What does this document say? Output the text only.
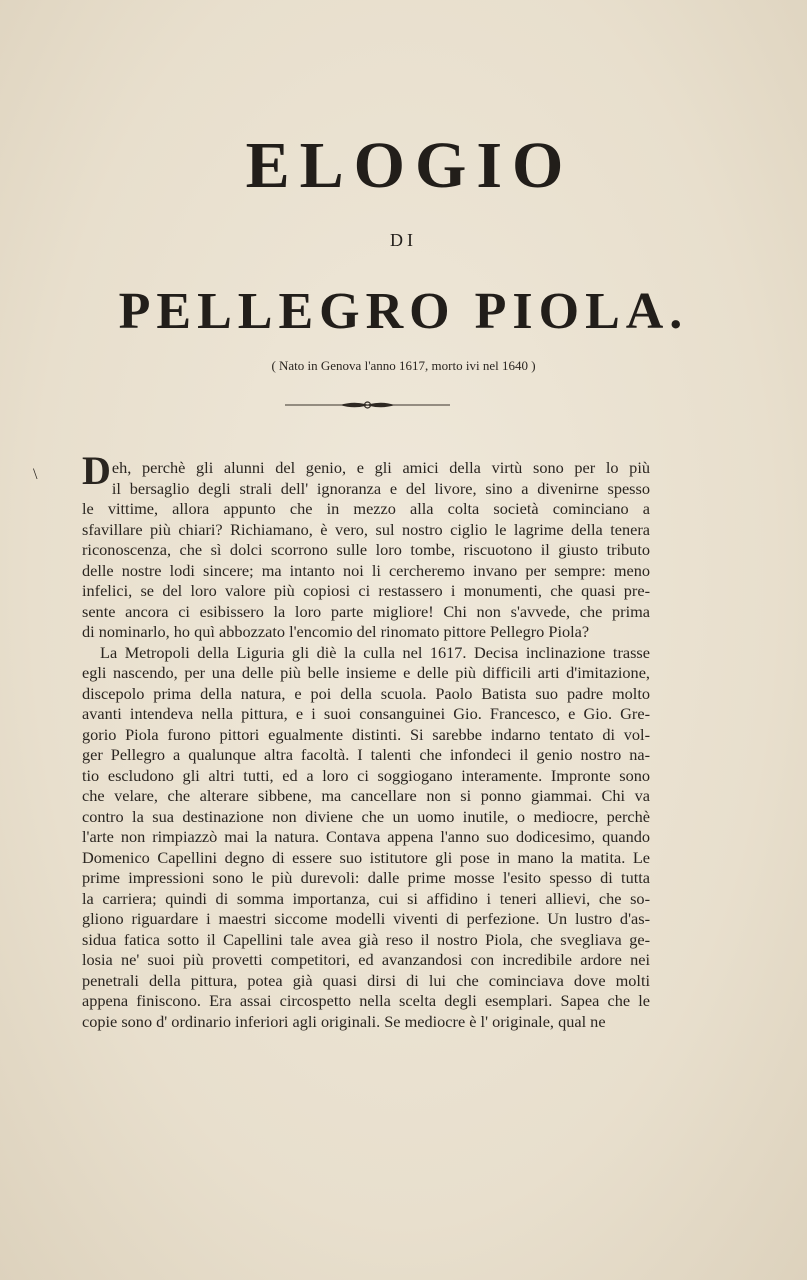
ELOGIO
DI
PELLEGRO PIOLA.
( Nato in Genova l'anno 1617, morto ivi nel 1640 )
\ D eh, perchè gli alunni del genio, e gli amici della virtù sono per lo più
il bersaglio degli strali dell' ignoranza e del livore, sino a divenirne spesso
le vittime, allora appunto che in mezzo alla colta società cominciano a
sfavillare più chiari? Richiamano, è vero, sul nostro ciglio le lagrime della tenera
riconoscenza, che sì dolci scorrono sulle loro tombe, riscuotono il giusto tributo
delle nostre lodi sincere; ma intanto noi li cercheremo invano per sempre: meno
infelici, se del loro valore più copiosi ci restassero i monumenti, che quasi pre-
sente ancora ci esibissero la loro parte migliore! Chi non s'avvede, che prima
di nominarlo, ho quì abbozzato l'encomio del rinomato pittore Pellegro Piola?
La Metropoli della Liguria gli diè la culla nel 1617. Decisa inclinazione trasse
egli nascendo, per una delle più belle insieme e delle più difficili arti d'imitazione,
discepolo prima della natura, e poi della scuola. Paolo Batista suo padre molto
avanti intendeva nella pittura, e i suoi consanguinei Gio. Francesco, e Gio. Gre-
gorio Piola furono pittori egualmente distinti. Si sarebbe indarno tentato di vol-
ger Pellegro a qualunque altra facoltà. I talenti che infondeci il genio nostro na-
tio escludono gli altri tutti, ed a loro ci soggiogano interamente. Impronte sono
che velare, che alterare sibbene, ma cancellare non si ponno giammai. Chi va
contro la sua destinazione non diviene che un uomo inutile, o mediocre, perchè
l'arte non rimpiazzò mai la natura. Contava appena l'anno suo dodicesimo, quando
Domenico Capellini degno di essere suo istitutore gli pose in mano la matita. Le
prime impressioni sono le più durevoli: dalle prime mosse l'esito spesso di tutta
la carriera; quindi di somma importanza, cui si affidino i teneri allievi, che so-
gliono riguardare i maestri siccome modelli viventi di perfezione. Un lustro d'as-
sidua fatica sotto il Capellini tale avea già reso il nostro Piola, che svegliava ge-
losia ne' suoi più provetti competitori, ed avanzandosi con incredibile ardore nei
penetrali della pittura, potea già quasi dirsi di lui che cominciava dove molti
appena finiscono. Era assai circospetto nella scelta degli esemplari. Sapea che le
copie sono d' ordinario inferiori agli originali. Se mediocre è l' originale, qual ne
